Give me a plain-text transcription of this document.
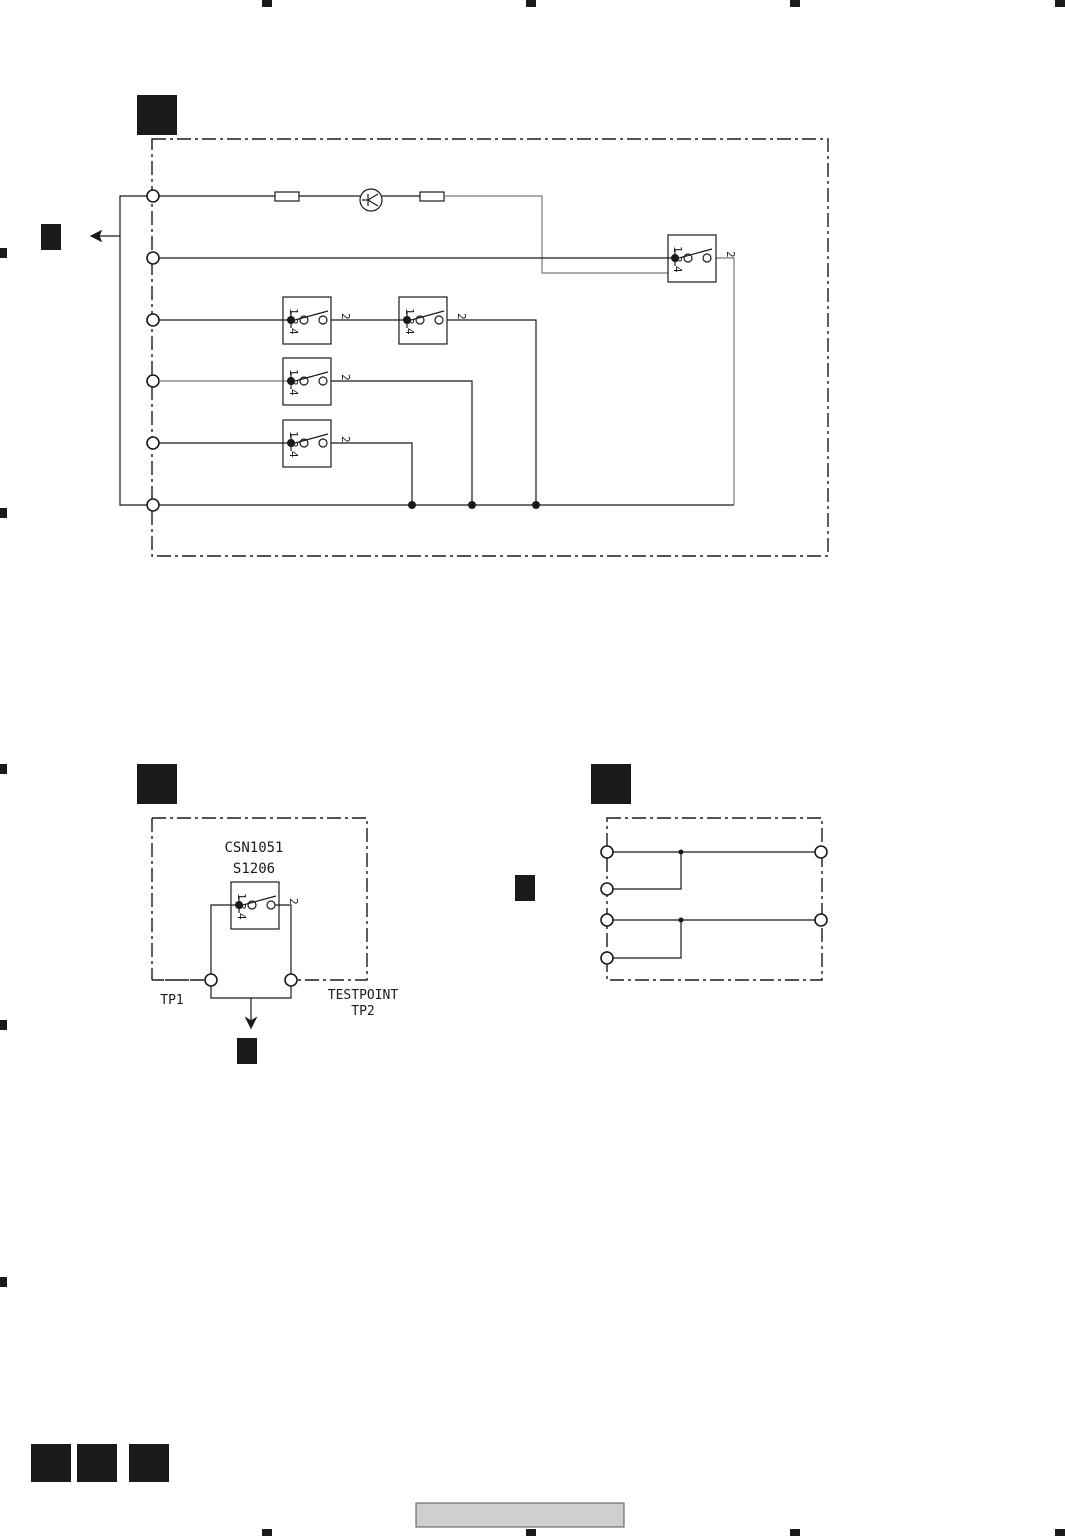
1
3
4
2
1
3
4
2
1
3
4
2
1
3
4
2
1
3
4
2
1
3
4
2
CSN1051
S1206
TP1	TESTPOINT
TP2
